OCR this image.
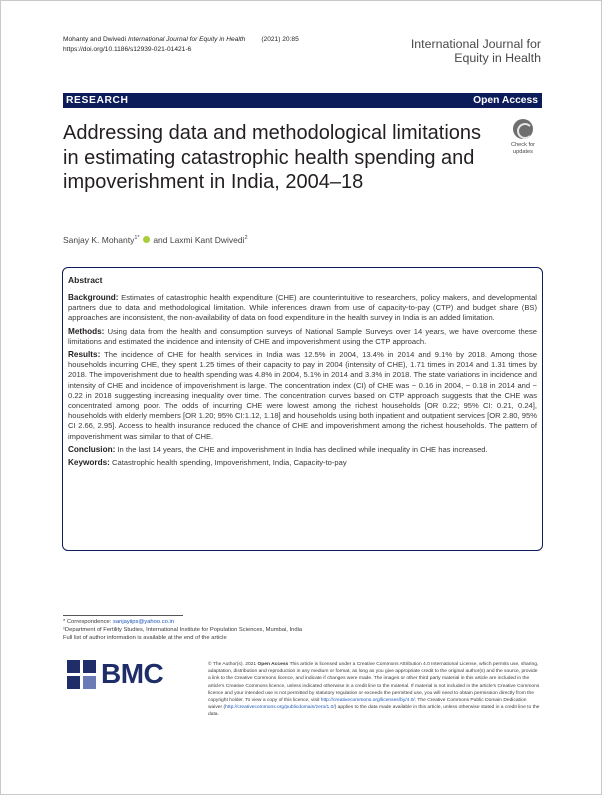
Mohanty and Dwivedi International Journal for Equity in Health (2021) 20:85
https://doi.org/10.1186/s12939-021-01421-6	International Journal for
Equity in Health
RESEARCH	Open Access
Addressing data and methodological limitations in estimating catastrophic health spending and impoverishment in India, 2004–18
Check for
updates
Sanjay K. Mohanty$^{1*}$ and Laxmi Kant Dwivedi$^2$
Abstract

Background: Estimates of catastrophic health expenditure (CHE) are counterintuitive to researchers, policy makers, and developmental partners due to data and methodological limitation. While inferences drawn from use of capacity-to-pay (CTP) and budget share (BS) approaches are inconsistent, the non-availability of data on food expenditure in the health survey in India is an added limitation.

Methods: Using data from the health and consumption surveys of National Sample Surveys over 14 years, we have overcome these limitations and estimated the incidence and intensity of CHE and impoverishment using the CTP approach.

Results: The incidence of CHE for health services in India was 12.5% in 2004, 13.4% in 2014 and 9.1% by 2018. Among those households incurring CHE, they spent 1.25 times of their capacity to pay in 2004 (intensity of CHE), 1.71 times in 2014 and 1.31 times by 2018. The impoverishment due to health spending was 4.8% in 2004, 5.1% in 2014 and 3.3% in 2018. The state variations in incidence and intensity of CHE and incidence of impoverishment is large. The concentration index (CI) of CHE was − 0.16 in 2004, − 0.18 in 2014 and − 0.22 in 2018 suggesting increasing inequality over time. The concentration curves based on CTP approach suggests that the CHE was concentrated among poor. The odds of incurring CHE were lowest among the richest households [OR 0.22; 95% CI: 0.21, 0.24], households with elderly members [OR 1.20; 95% CI:1.12, 1.18] and households using both inpatient and outpatient services [OR 2.80, 95% CI 2.66, 2.95]. Access to health insurance reduced the chance of CHE and impoverishment among the richest households. The pattern of impoverishment was similar to that of CHE.

Conclusion: In the last 14 years, the CHE and impoverishment in India has declined while inequality in CHE has increased.

Keywords: Catastrophic health spending, Impoverishment, India, Capacity-to-pay

* Correspondence: sanjayiips@yahoo.co.in
¹Department of Fertility Studies, International Institute for Population Sciences, Mumbai, India
Full list of author information is available at the end of the article
BMC	© The Author(s). 2021 Open Access This article is licensed under a Creative Commons Attribution 4.0 International License, which permits use, sharing, adaptation, distribution and reproduction in any medium or format, as long as you give appropriate credit to the original author(s) and the source, provide a link to the Creative Commons licence, and indicate if changes were made. The images or other third party material in this article are included in the article's Creative Commons licence, unless indicated otherwise in a credit line to the material. If material is not included in the article's Creative Commons licence and your intended use is not permitted by statutory regulation or exceeds the permitted use, you will need to obtain permission directly from the copyright holder. To view a copy of this licence, visit http://creativecommons.org/licenses/by/4.0/. The Creative Commons Public Domain Dedication waiver (http://creativecommons.org/publicdomain/zero/1.0/) applies to the data made available in this article, unless otherwise stated in a credit line to the data.
